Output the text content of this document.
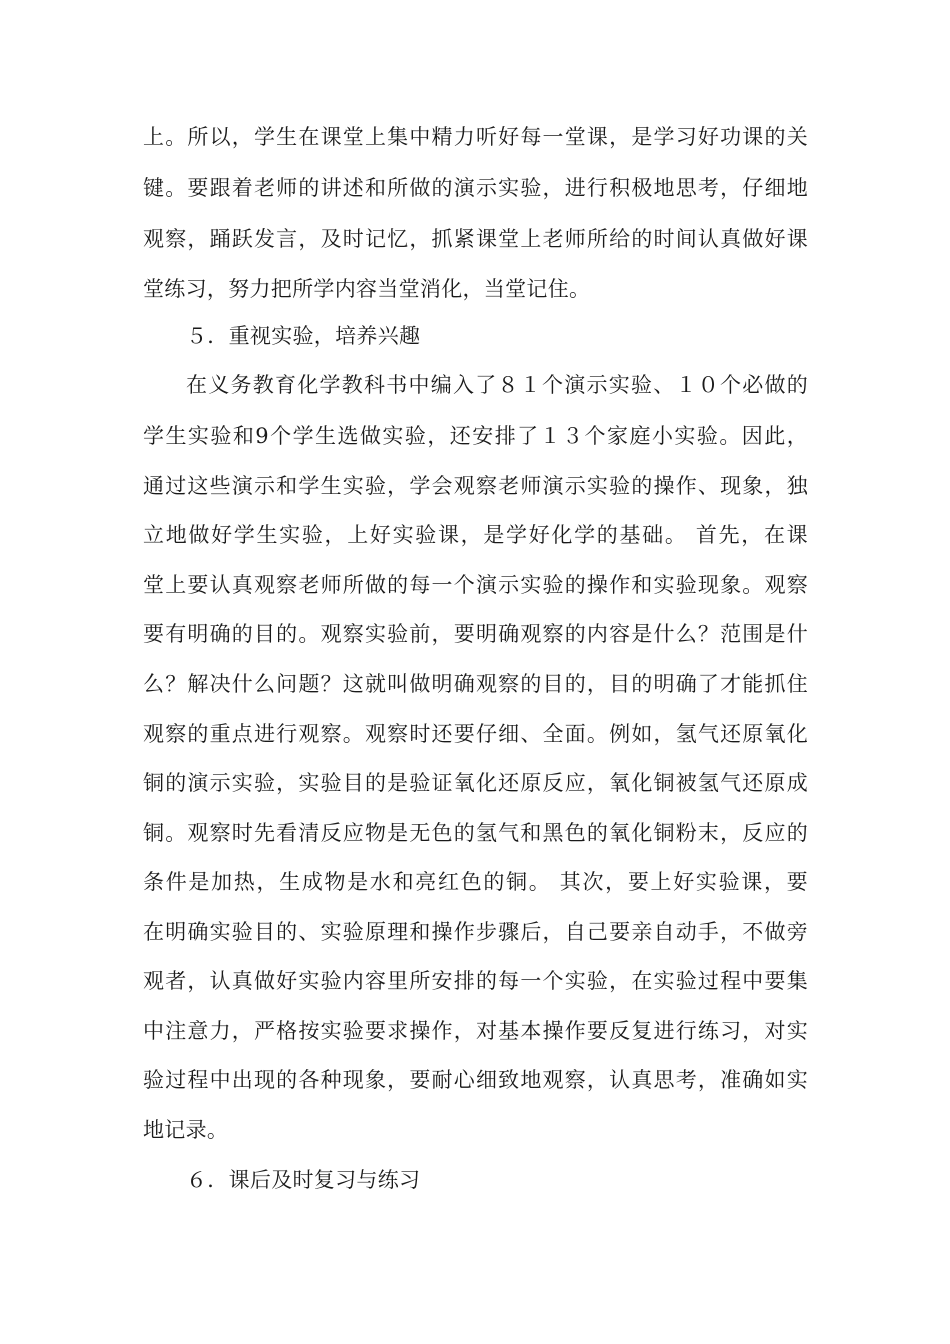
上。所以，学生在课堂上集中精力听好每一堂课，是学习好功课的关
键。要跟着老师的讲述和所做的演示实验，进行积极地思考，仔细地
观察，踊跃发言，及时记忆，抓紧课堂上老师所给的时间认真做好课
堂练习，努力把所学内容当堂消化，当堂记住。
５．重视实验，培养兴趣
在义务教育化学教科书中编入了８１个演示实验、１０个必做的
学生实验和9个学生选做实验，还安排了１３个家庭小实验。因此，
通过这些演示和学生实验，学会观察老师演示实验的操作、现象，独
立地做好学生实验，上好实验课，是学好化学的基础。 首先，在课
堂上要认真观察老师所做的每一个演示实验的操作和实验现象。观察
要有明确的目的。观察实验前，要明确观察的内容是什么？范围是什
么？解决什么问题？这就叫做明确观察的目的，目的明确了才能抓住
观察的重点进行观察。观察时还要仔细、全面。例如，氢气还原氧化
铜的演示实验，实验目的是验证氧化还原反应，氧化铜被氢气还原成
铜。观察时先看清反应物是无色的氢气和黑色的氧化铜粉末，反应的
条件是加热，生成物是水和亮红色的铜。 其次，要上好实验课，要
在明确实验目的、实验原理和操作步骤后，自己要亲自动手，不做旁
观者，认真做好实验内容里所安排的每一个实验，在实验过程中要集
中注意力，严格按实验要求操作，对基本操作要反复进行练习，对实
验过程中出现的各种现象，要耐心细致地观察，认真思考，准确如实
地记录。
６．课后及时复习与练习
